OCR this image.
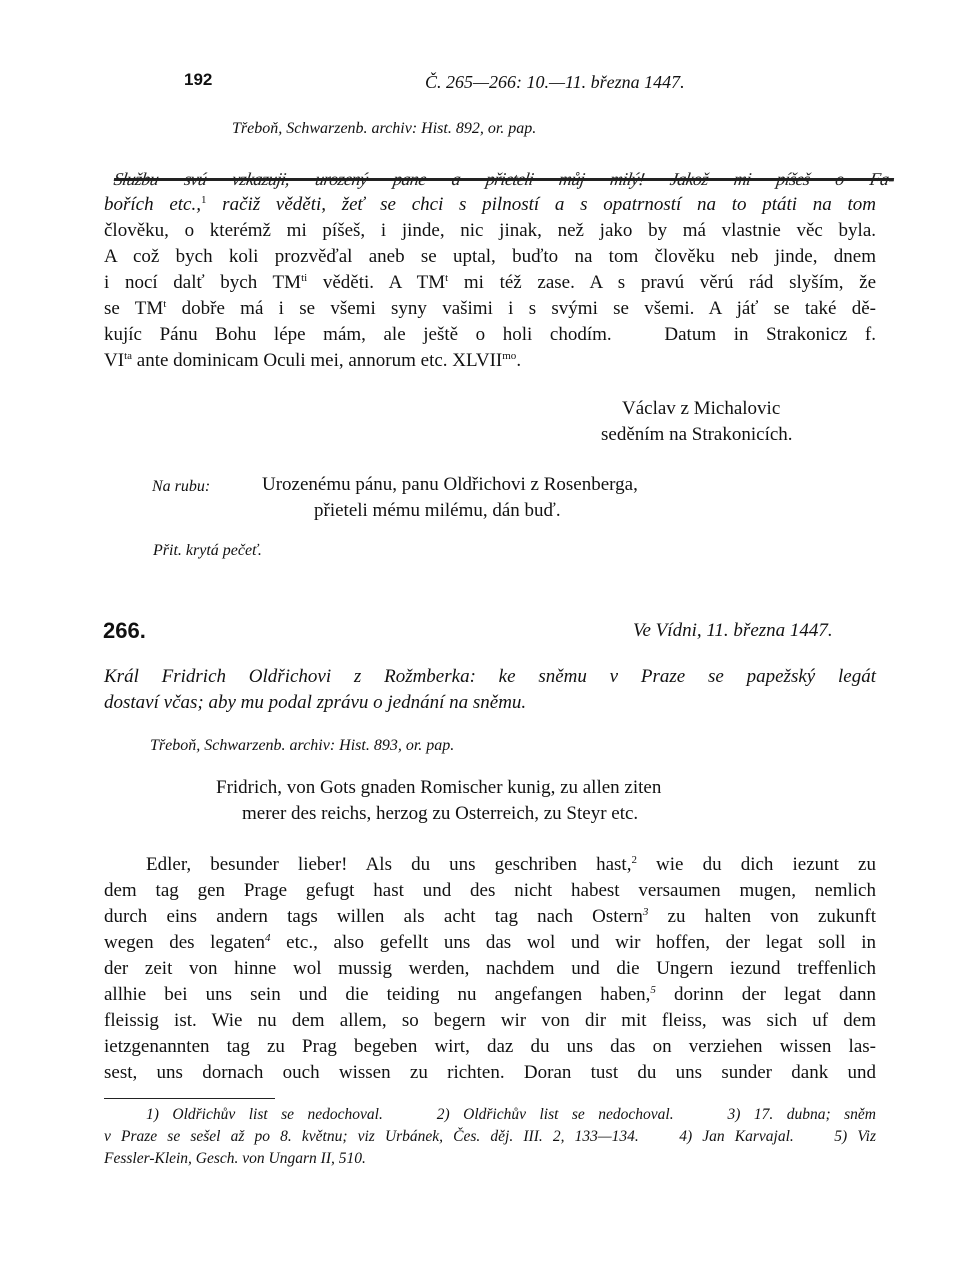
192	Č. 265—266: 10.—11. března 1447.
Třeboň, Schwarzenb. archiv: Hist. 892, or. pap.
Službu svú vzkazuji, urozený pane a přieteli můj milý! Jakož mi píšeš o Fa-
bořích etc.,$^1$ račiž věděti, žeť se chci s pilností a s opatrností na to ptáti na tom
člověku, o kterémž mi píšeš, i jinde, nic jinak, než jako by má vlastnie věc byla.
A což bych koli prozvěďal aneb se uptal, buďto na tom člověku neb jinde, dnem
i nocí dalť bych $TM^{ti}$ věděti. A $TM^t$ mi též zase. A s pravú věrú rád slyším, že
se $TM^t$ dobře má i se všemi syny vašimi i s svými se všemi. A jáť se také dě-
kujíc Pánu Bohu lépe mám, ale ještě o holi chodím.   Datum in Strakonicz f.
$VI^{ta}$ ante dominicam Oculi mei, annorum etc. $XLVII^{mo}$.
Václav z Michalovic
seděním na Strakonicích.
Na rubu:	Urozenému pánu, panu Oldřichovi z Rosenberga,
přieteli mému milému, dán buď.
Přit. krytá pečeť.
266.	Ve Vídni, 11. března 1447.
Král Fridrich Oldřichovi z Rožmberka: ke sněmu v Praze se papežský legát
dostaví včas; aby mu podal zprávu o jednání na sněmu.
Třeboň, Schwarzenb. archiv: Hist. 893, or. pap.
Fridrich, von Gots gnaden Romischer kunig, zu allen ziten
merer des reichs, herzog zu Osterreich, zu Steyr etc.
Edler, besunder lieber! Als du uns geschriben hast,$^2$ wie du dich iezunt zu
dem tag gen Prage gefugt hast und des nicht habest versaumen mugen, nemlich
durch eins andern tags willen als acht tag nach Ostern$^3$ zu halten von zukunft
wegen des legaten$^4$ etc., also gefellt uns das wol und wir hoffen, der legat soll in
der zeit von hinne wol mussig werden, nachdem und die Ungern iezund treffenlich
allhie bei uns sein und die teiding nu angefangen haben,$^5$ dorinn der legat dann
fleissig ist. Wie nu dem allem, so begern wir von dir mit fleiss, was sich uf dem
ietzgenannten tag zu Prag begeben wirt, daz du uns das on verziehen wissen las-
sest, uns dornach ouch wissen zu richten. Doran tust du uns sunder dank und
1) Oldřichův list se nedochoval.    2) Oldřichův list se nedochoval.    3) 17. dubna; sněm
v Praze se sešel až po 8. květnu; viz Urbánek, Čes. děj. III. 2, 133—134.    4) Jan Karvajal.    5) Viz
Fessler-Klein, Gesch. von Ungarn II, 510.
